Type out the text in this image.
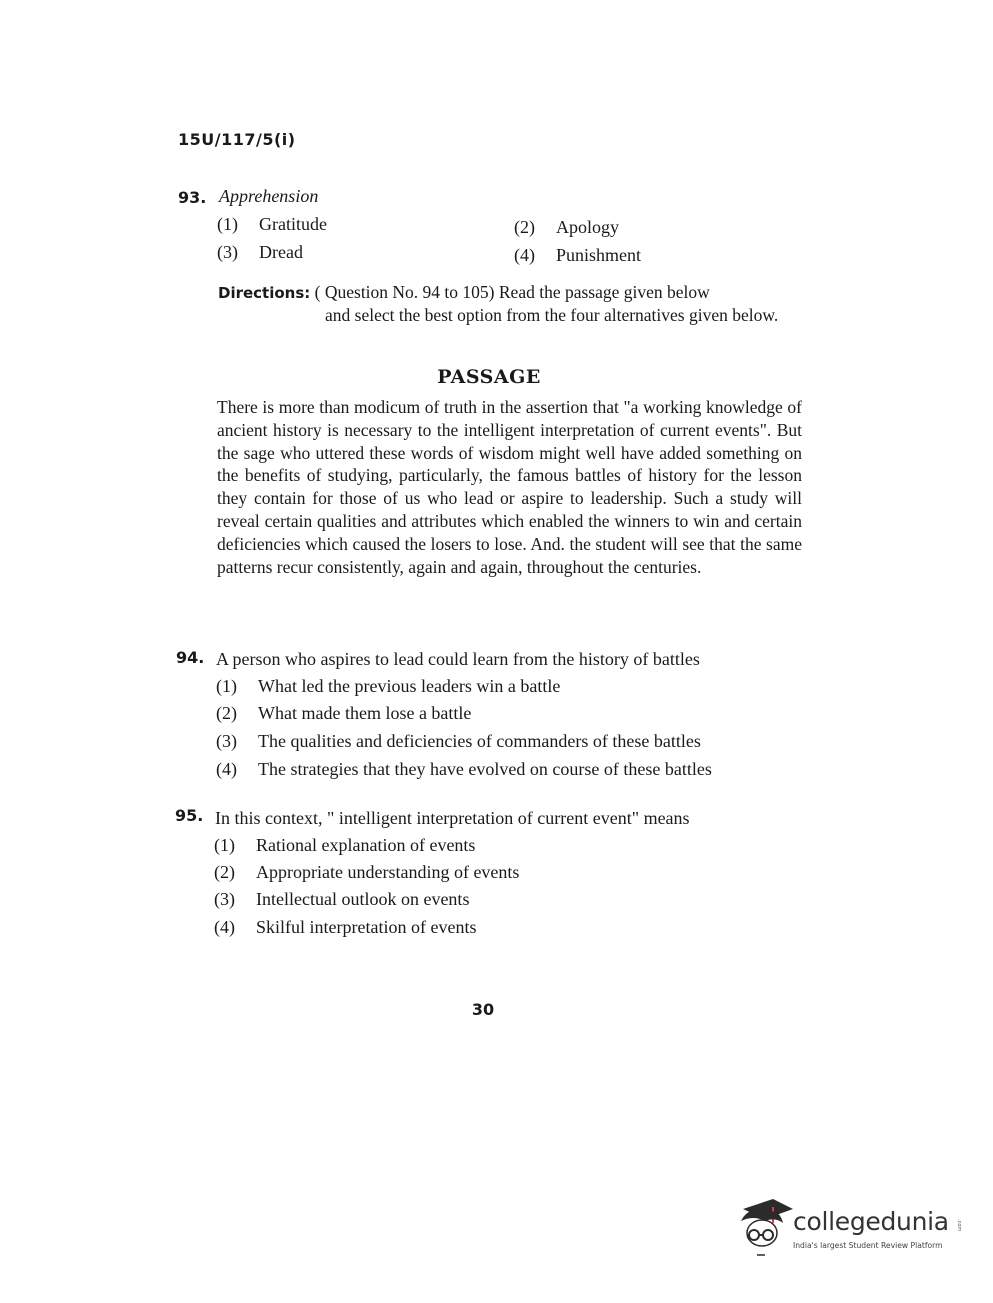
15U/117/5(i)
93. Apprehension
(1) Gratitude	(2) Apology
(3) Dread	(4) Punishment
Directions: ( Question No. 94 to 105) Read the passage given below
and select the best option from the four alternatives given below.
PASSAGE
There is more than modicum of truth in the assertion that "a working knowledge of ancient history is necessary to the intelligent interpretation of current events". But the sage who uttered these words of wisdom might well have added something on the benefits of studying, particularly, the famous battles of history for the lesson they contain for those of us who lead or aspire to leadership. Such a study will reveal certain qualities and attributes which enabled the winners to win and certain deficiencies which caused the losers to lose. And. the student will see that the same patterns recur consistently, again and again, throughout the centuries.
94. A person who aspires to lead could learn from the history of battles
(1) What led the previous leaders win a battle
(2) What made them lose a battle
(3) The qualities and deficiencies of commanders of these battles
(4) The strategies that they have evolved on course of these battles
95. In this context, " intelligent interpretation of current event" means
(1) Rational explanation of events
(2) Appropriate understanding of events
(3) Intellectual outlook on events
(4) Skilful interpretation of events
30
collegedunia .com
India's largest Student Review Platform
